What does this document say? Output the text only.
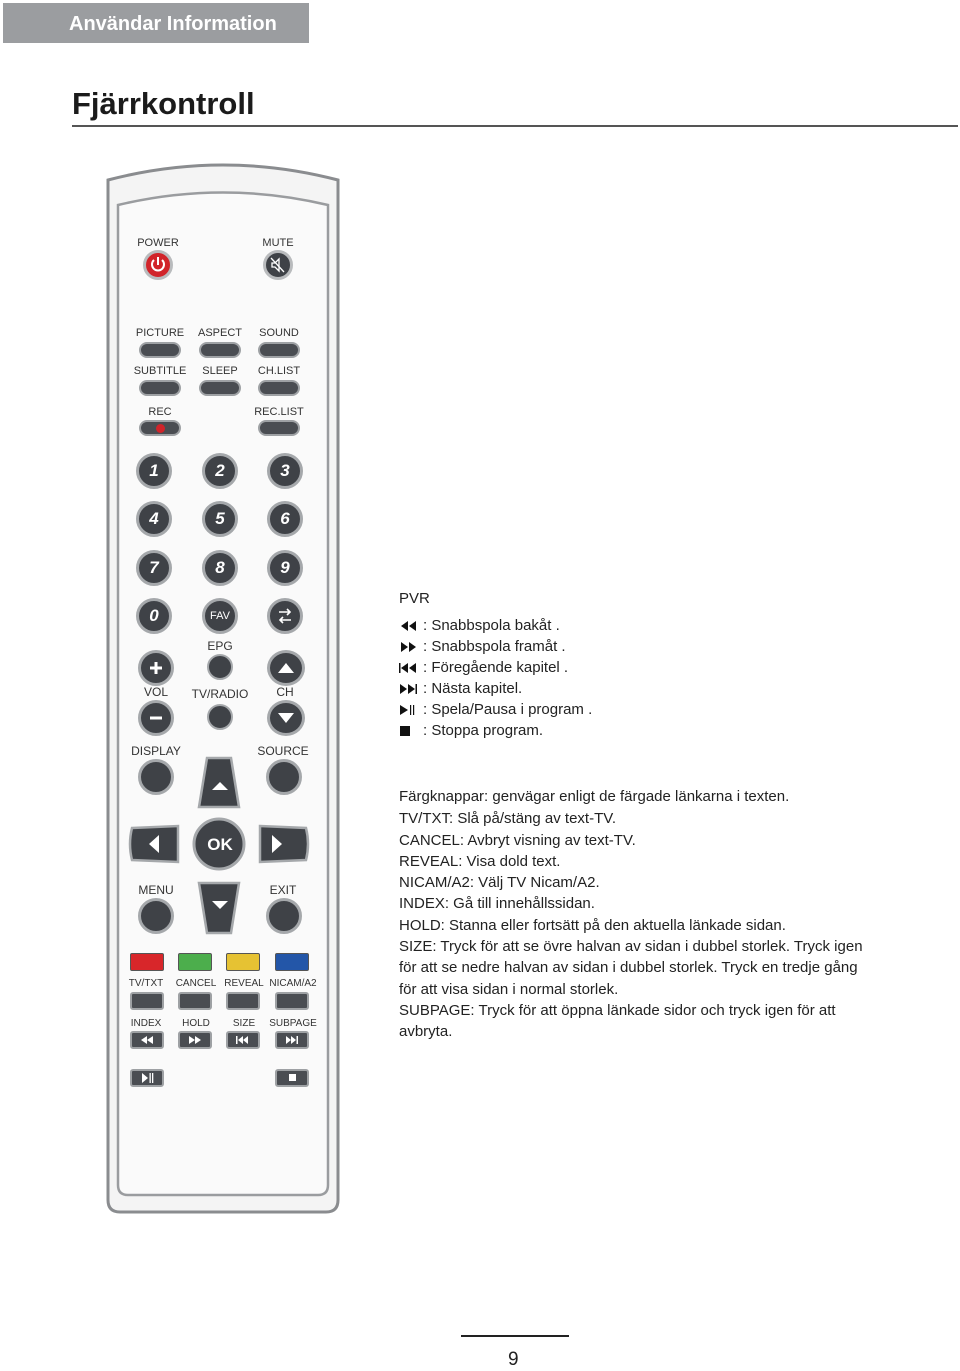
Användar Information
Fjärrkontroll
POWER	MUTE
PICTURE ASPECT SOUND
SUBTITLE SLEEP CH.LIST
REC	REC.LIST
1	2	3
4	5	6
7	8	9
0	FAV
EPG
VOL TV/RADIO CH
DISPLAY	SOURCE
OK
MENU	EXIT
TV/TXT CANCEL REVEAL NICAM/A2
INDEX HOLD SIZE SUBPAGE
PVR
: Snabbspola bakåt .
: Snabbspola framåt .
: Föregående kapitel .
: Nästa kapitel.
: Spela/Pausa i program .
: Stoppa program.

Färgknappar: genvägar enligt de färgade länkarna i texten.

TV/TXT: Slå på/stäng av text-TV.

CANCEL: Avbryt visning av text-TV.

REVEAL: Visa dold text.

NICAM/A2: Välj TV Nicam/A2.

INDEX: Gå till innehållssidan.

HOLD: Stanna eller fortsätt på den aktuella länkade sidan.

SIZE: Tryck för att se övre halvan av sidan i dubbel storlek. Tryck igen för att se nedre halvan av sidan i dubbel storlek. Tryck en tredje gång för att visa sidan i normal storlek.

SUBPAGE: Tryck för att öppna länkade sidor och tryck igen för att avbryta.

9
